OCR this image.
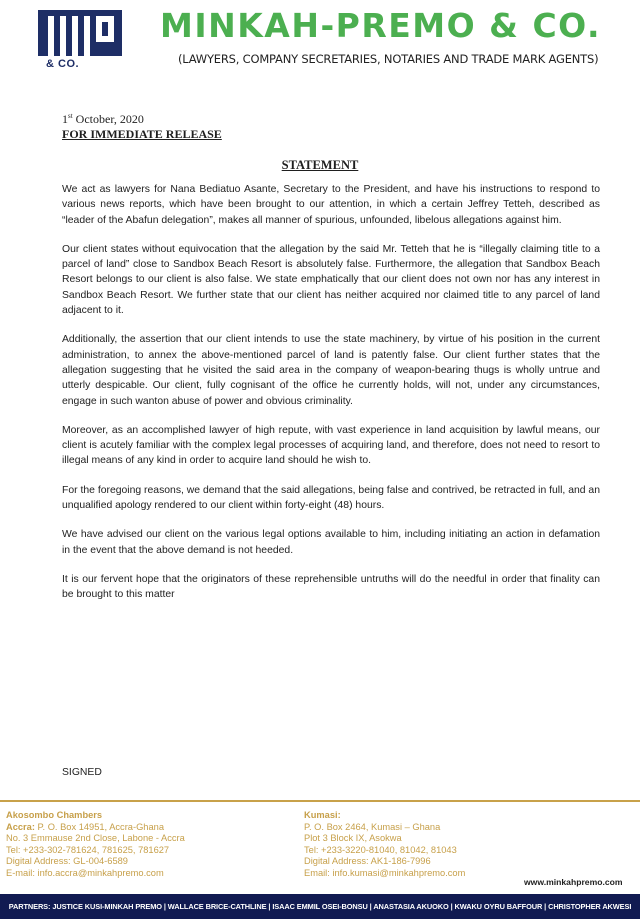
& CO.
MINKAH-PREMO & CO.
(LAWYERS, COMPANY SECRETARIES, NOTARIES AND TRADE MARK AGENTS)
1st October, 2020
FOR IMMEDIATE RELEASE
STATEMENT

We act as lawyers for Nana Bediatuo Asante, Secretary to the President, and have his instructions to respond to various news reports, which have been brought to our attention, in which a certain Jeffrey Tetteh, described as “leader of the Abafun delegation”, makes all manner of spurious, unfounded, libelous allegations against him.

Our client states without equivocation that the allegation by the said Mr. Tetteh that he is “illegally claiming title to a parcel of land” close to Sandbox Beach Resort is absolutely false. Furthermore, the allegation that Sandbox Beach Resort belongs to our client is also false. We state emphatically that our client does not own nor has any interest in Sandbox Beach Resort. We further state that our client has neither acquired nor claimed title to any parcel of land adjacent to it.

Additionally, the assertion that our client intends to use the state machinery, by virtue of his position in the current administration, to annex the above-mentioned parcel of land is patently false. Our client further states that the allegation suggesting that he visited the said area in the company of weapon-bearing thugs is wholly untrue and utterly despicable. Our client, fully cognisant of the office he currently holds, will not, under any circumstances, engage in such wanton abuse of power and obvious criminality.

Moreover, as an accomplished lawyer of high repute, with vast experience in land acquisition by lawful means, our client is acutely familiar with the complex legal processes of acquiring land, and therefore, does not need to resort to illegal means of any kind in order to acquire land should he wish to.

For the foregoing reasons, we demand that the said allegations, being false and contrived, be retracted in full, and an unqualified apology rendered to our client within forty-eight (48) hours.

We have advised our client on the various legal options available to him, including initiating an action in defamation in the event that the above demand is not heeded.

It is our fervent hope that the originators of these reprehensible untruths will do the needful in order that finality can be brought to this matter

SIGNED
Akosombo Chambers
Accra: P. O. Box 14951, Accra-Ghana
No. 3 Emmause 2nd Close, Labone - Accra
Tel: +233-302-781624, 781625, 781627
Digital Address: GL-004-6589
E-mail: info.accra@minkahpremo.com
Kumasi:
P. O. Box 2464, Kumasi – Ghana
Plot 3 Block IX, Asokwa
Tel: +233-3220-81040, 81042, 81043
Digital Address: AK1-186-7996
Email: info.kumasi@minkahpremo.com
www.minkahpremo.com
PARTNERS: JUSTICE KUSI-MINKAH PREMO | WALLACE BRICE-CATHLINE | ISAAC EMMIL OSEI-BONSU | ANASTASIA AKUOKO | KWAKU OYRU BAFFOUR | CHRISTOPHER AKWESI
